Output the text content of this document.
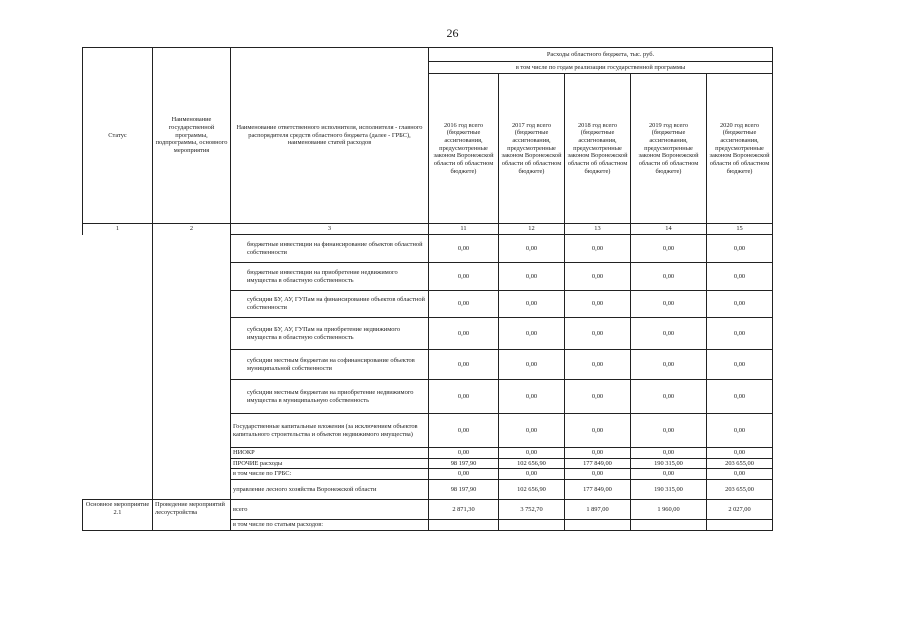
26
Статус	Наименование государственной программы, подпрограммы, основного мероприятия	Наименование ответственного исполнителя, исполнителя - главного распорядителя средств областного бюджета (далее - ГРБС), наименование статей расходов	Расходы областного бюджета, тыс. руб.				
			в том числе по годам реализации государственной программы				
			2016 год всего (бюджетные ассигнования, предусмотренные законом Воронежской области об областном бюджете)	2017 год всего (бюджетные ассигнования, предусмотренные законом Воронежской области об областном бюджете)	2018 год всего (бюджетные ассигнования, предусмотренные законом Воронежской области об областном бюджете)	2019 год всего (бюджетные ассигнования, предусмотренные законом Воронежской области об областном бюджете)	2020 год всего (бюджетные ассигнования, предусмотренные законом Воронежской области об областном бюджете)
1	2	3	11	12	13	14	15
		бюджетные инвестиции на финансирование объектов областной собственности	0,00	0,00	0,00	0,00	0,00
		бюджетные инвестиции на приобретение недвижимого имущества в областную собственность	0,00	0,00	0,00	0,00	0,00
		субсидии БУ, АУ, ГУПам на финансирование объектов областной собственности	0,00	0,00	0,00	0,00	0,00
		субсидии БУ, АУ, ГУПам на приобретение недвижимого имущества в областную собственность	0,00	0,00	0,00	0,00	0,00
		субсидии местным бюджетам на софинансирование объектов муниципальной собственности	0,00	0,00	0,00	0,00	0,00
		субсидии местным бюджетам на приобретение недвижимого имущества в муниципальную собственность	0,00	0,00	0,00	0,00	0,00
		Государственные капитальные вложения (за исключением объектов капитального строительства и объектов недвижимого имущества)	0,00	0,00	0,00	0,00	0,00
		НИОКР	0,00	0,00	0,00	0,00	0,00
		ПРОЧИЕ расходы	98 197,90	102 656,90	177 849,00	190 315,00	203 655,00
		в том числе по ГРБС:	0,00	0,00	0,00	0,00	0,00
		управление лесного хозяйства Воронежской области	98 197,90	102 656,90	177 849,00	190 315,00	203 655,00
Основное мероприятие 2.1	Проведение мероприятий лесоустройства	всего	2 871,30	3 752,70	1 897,00	1 960,00	2 027,00
		в том числе по статьям расходов:					
